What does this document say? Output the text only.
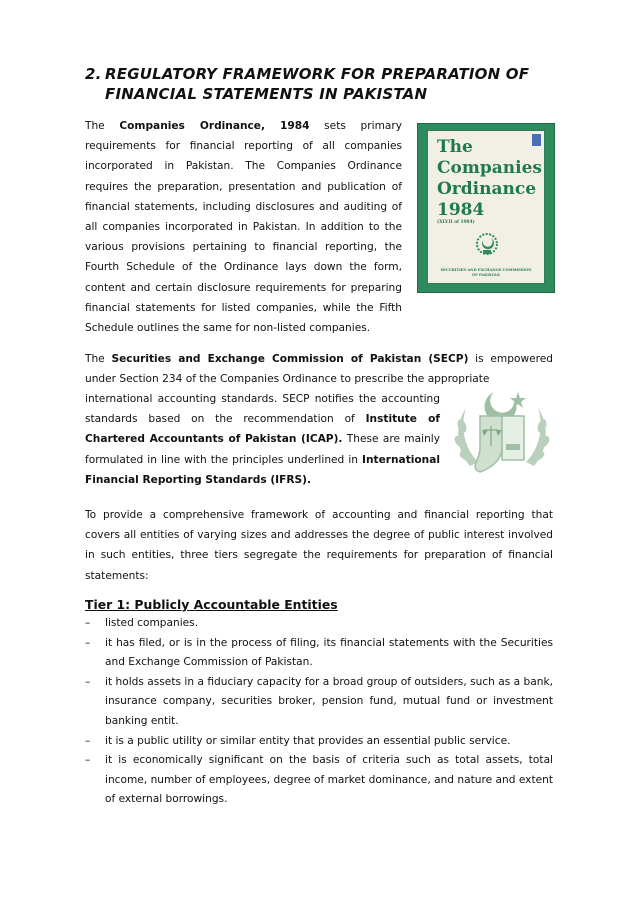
2. REGULATORY FRAMEWORK FOR PREPARATION OF FINANCIAL STATEMENTS IN PAKISTAN

The Companies Ordinance, 1984 sets primary requirements for financial reporting of all companies incorporated in Pakistan. The Companies Ordinance requires the preparation, presentation and publication of financial statements, including disclosures and auditing of all companies incorporated in Pakistan. In addition to the various provisions pertaining to financial reporting, the Fourth Schedule of the Ordinance lays down the form, content and certain disclosure requirements for preparing financial statements for listed companies, while the Fifth Schedule outlines the same for non-listed companies.

The
Companies
Ordinance
1984

(XLVII of 1984)
SECURITIES AND EXCHANGE COMMISSION
OF PAKISTAN

The Securities and Exchange Commission of Pakistan (SECP) is empowered under Section 234 of the Companies Ordinance to prescribe the appropriate

international accounting standards. SECP notifies the accounting standards based on the recommendation of Institute of Chartered Accountants of Pakistan (ICAP). These are mainly formulated in line with the principles underlined in International Financial Reporting Standards (IFRS).

To provide a comprehensive framework of accounting and financial reporting that covers all entities of varying sizes and addresses the degree of public interest involved in such entities, three tiers segregate the requirements for preparation of financial statements:

Tier 1: Publicly Accountable Entities
– listed companies.
– it has filed, or is in the process of filing, its financial statements with the Securities and Exchange Commission of Pakistan.
– it holds assets in a fiduciary capacity for a broad group of outsiders, such as a bank, insurance company, securities broker, pension fund, mutual fund or investment banking entit.
– it is a public utility or similar entity that provides an essential public service.
– it is economically significant on the basis of criteria such as total assets, total income, number of employees, degree of market dominance, and nature and extent of external borrowings.
